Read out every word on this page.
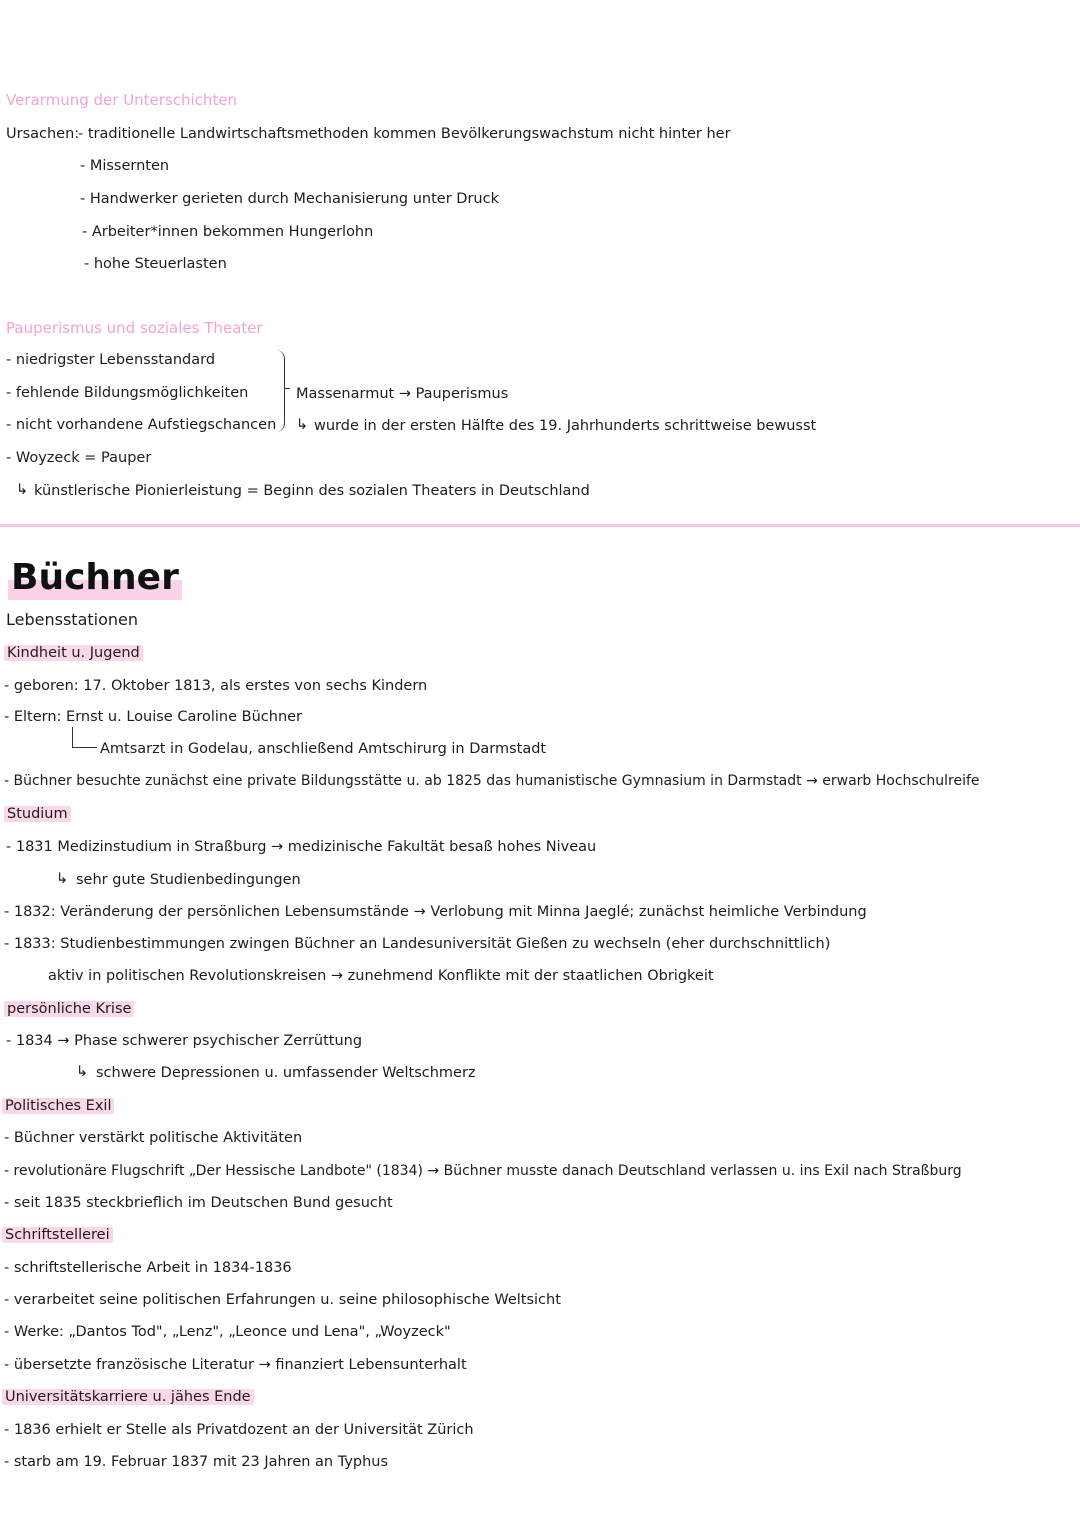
Verarmung der Unterschichten
Ursachen:
- traditionelle Landwirtschaftsmethoden kommen Bevölkerungswachstum nicht hinter her
- Missernten
- Handwerker gerieten durch Mechanisierung unter Druck
- Arbeiter*innen bekommen Hungerlohn
- hohe Steuerlasten
Pauperismus und soziales Theater
- niedrigster Lebensstandard
- fehlende Bildungsmöglichkeiten
- nicht vorhandene Aufstiegschancen
Massenarmut → Pauperismus
↳ wurde in der ersten Hälfte des 19. Jahrhunderts schrittweise bewusst
- Woyzeck = Pauper
↳ künstlerische Pionierleistung = Beginn des sozialen Theaters in Deutschland
Büchner
Lebensstationen
Kindheit u. Jugend
- geboren: 17. Oktober 1813, als erstes von sechs Kindern
- Eltern: Ernst u. Louise Caroline Büchner
Amtsarzt in Godelau, anschließend Amtschirurg in Darmstadt
- Büchner besuchte zunächst eine private Bildungsstätte u. ab 1825 das humanistische Gymnasium in Darmstadt → erwarb Hochschulreife
Studium
- 1831 Medizinstudium in Straßburg → medizinische Fakultät besaß hohes Niveau
↳ sehr gute Studienbedingungen
- 1832: Veränderung der persönlichen Lebensumstände → Verlobung mit Minna Jaeglé; zunächst heimliche Verbindung
- 1833: Studienbestimmungen zwingen Büchner an Landesuniversität Gießen zu wechseln (eher durchschnittlich)
aktiv in politischen Revolutionskreisen → zunehmend Konflikte mit der staatlichen Obrigkeit
persönliche Krise
- 1834 → Phase schwerer psychischer Zerrüttung
↳ schwere Depressionen u. umfassender Weltschmerz
Politisches Exil
- Büchner verstärkt politische Aktivitäten
- revolutionäre Flugschrift „Der Hessische Landbote" (1834) → Büchner musste danach Deutschland verlassen u. ins Exil nach Straßburg
- seit 1835 steckbrieflich im Deutschen Bund gesucht
Schriftstellerei
- schriftstellerische Arbeit in 1834-1836
- verarbeitet seine politischen Erfahrungen u. seine philosophische Weltsicht
- Werke: „Dantos Tod", „Lenz", „Leonce und Lena", „Woyzeck"
- übersetzte französische Literatur → finanziert Lebensunterhalt
Universitätskarriere u. jähes Ende
- 1836 erhielt er Stelle als Privatdozent an der Universität Zürich
- starb am 19. Februar 1837 mit 23 Jahren an Typhus
